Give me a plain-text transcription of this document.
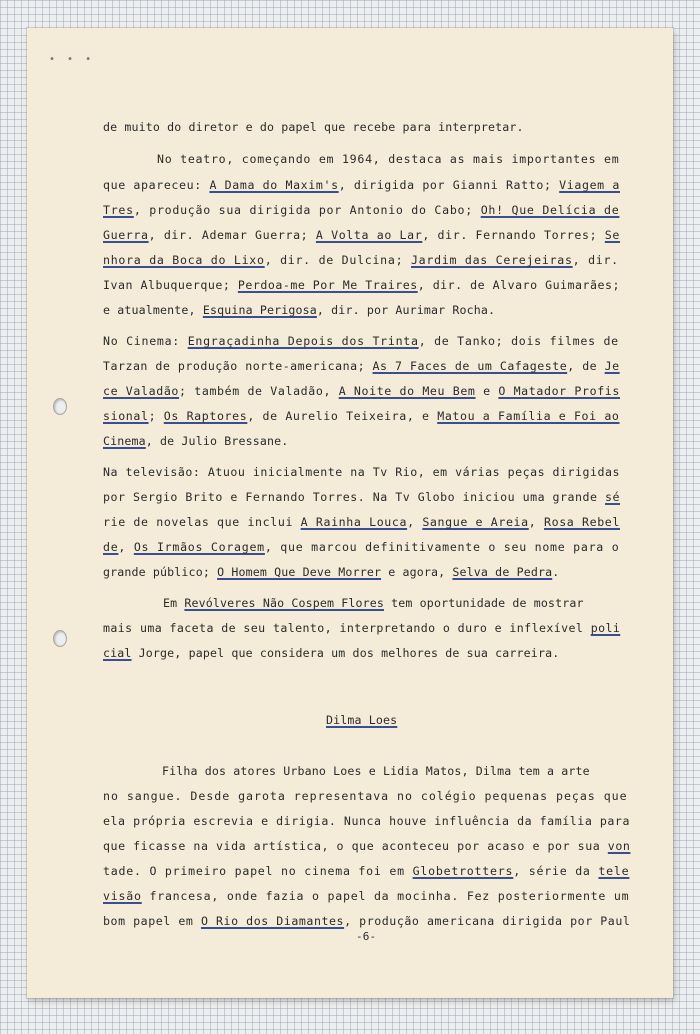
• • •

de muito do diretor e do papel que recebe para interpretar.

No teatro, começando em 1964, destaca as mais importantes em

que apareceu: A Dama do Maxim's, dirigida por Gianni Ratto; Viagem a

Tres, produção sua dirigida por Antonio do Cabo; Oh! Que Delícia de

Guerra, dir. Ademar Guerra; A Volta ao Lar, dir. Fernando Torres; Se

nhora da Boca do Lixo, dir. de Dulcina; Jardim das Cerejeiras, dir.

Ivan Albuquerque; Perdoa-me Por Me Traires, dir. de Alvaro Guimarães;

e atualmente, Esquina Perigosa, dir. por Aurimar Rocha.

No Cinema: Engraçadinha Depois dos Trinta, de Tanko; dois filmes de

Tarzan de produção norte-americana; As 7 Faces de um Cafageste, de Je

ce Valadão; também de Valadão, A Noite do Meu Bem e O Matador Profis

sional; Os Raptores, de Aurelio Teixeira, e Matou a Família e Foi ao

Cinema, de Julio Bressane.

Na televisão: Atuou inicialmente na Tv Rio, em várias peças dirigidas

por Sergio Brito e Fernando Torres. Na Tv Globo iniciou uma grande sé

rie de novelas que inclui A Rainha Louca, Sangue e Areia, Rosa Rebel

de, Os Irmãos Coragem, que marcou definitivamente o seu nome para o

grande público; O Homem Que Deve Morrer e agora, Selva de Pedra.

Em Revólveres Não Cospem Flores tem oportunidade de mostrar

mais uma faceta de seu talento, interpretando o duro e inflexível poli

cial Jorge, papel que considera um dos melhores de sua carreira.

Filha dos atores Urbano Loes e Lidia Matos, Dilma tem a arte

no sangue. Desde garota representava no colégio pequenas peças que

ela própria escrevia e dirigia. Nunca houve influência da família para

que ficasse na vida artística, o que aconteceu por acaso e por sua von

tade. O primeiro papel no cinema foi em Globetrotters, série da tele

visão francesa, onde fazia o papel da mocinha. Fez posteriormente um

bom papel em O Rio dos Diamantes, produção americana dirigida por Paul

Dilma Loes

-6-
